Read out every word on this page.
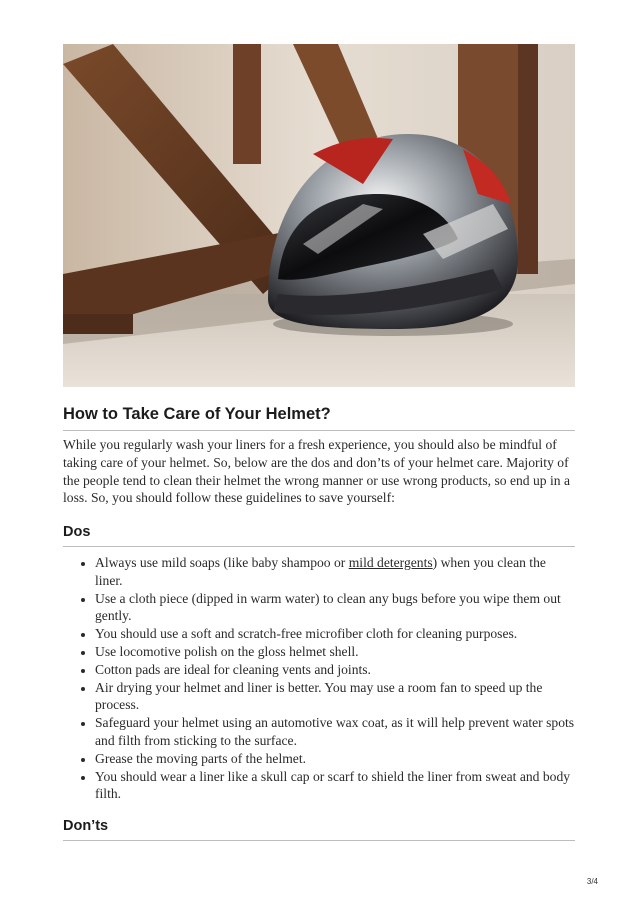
How to Take Care of Your Helmet?

While you regularly wash your liners for a fresh experience, you should also be mindful of taking care of your helmet. So, below are the dos and don’ts of your helmet care. Majority of the people tend to clean their helmet the wrong manner or use wrong products, so end up in a loss. So, you should follow these guidelines to save yourself:

Dos
• Always use mild soaps (like baby shampoo or mild detergents) when you clean the liner.
• Use a cloth piece (dipped in warm water) to clean any bugs before you wipe them out gently.
• You should use a soft and scratch-free microfiber cloth for cleaning purposes.
• Use locomotive polish on the gloss helmet shell.
• Cotton pads are ideal for cleaning vents and joints.
• Air drying your helmet and liner is better. You may use a room fan to speed up the process.
• Safeguard your helmet using an automotive wax coat, as it will help prevent water spots and filth from sticking to the surface.
• Grease the moving parts of the helmet.
• You should wear a liner like a skull cap or scarf to shield the liner from sweat and body filth.
Don’ts
3/4
